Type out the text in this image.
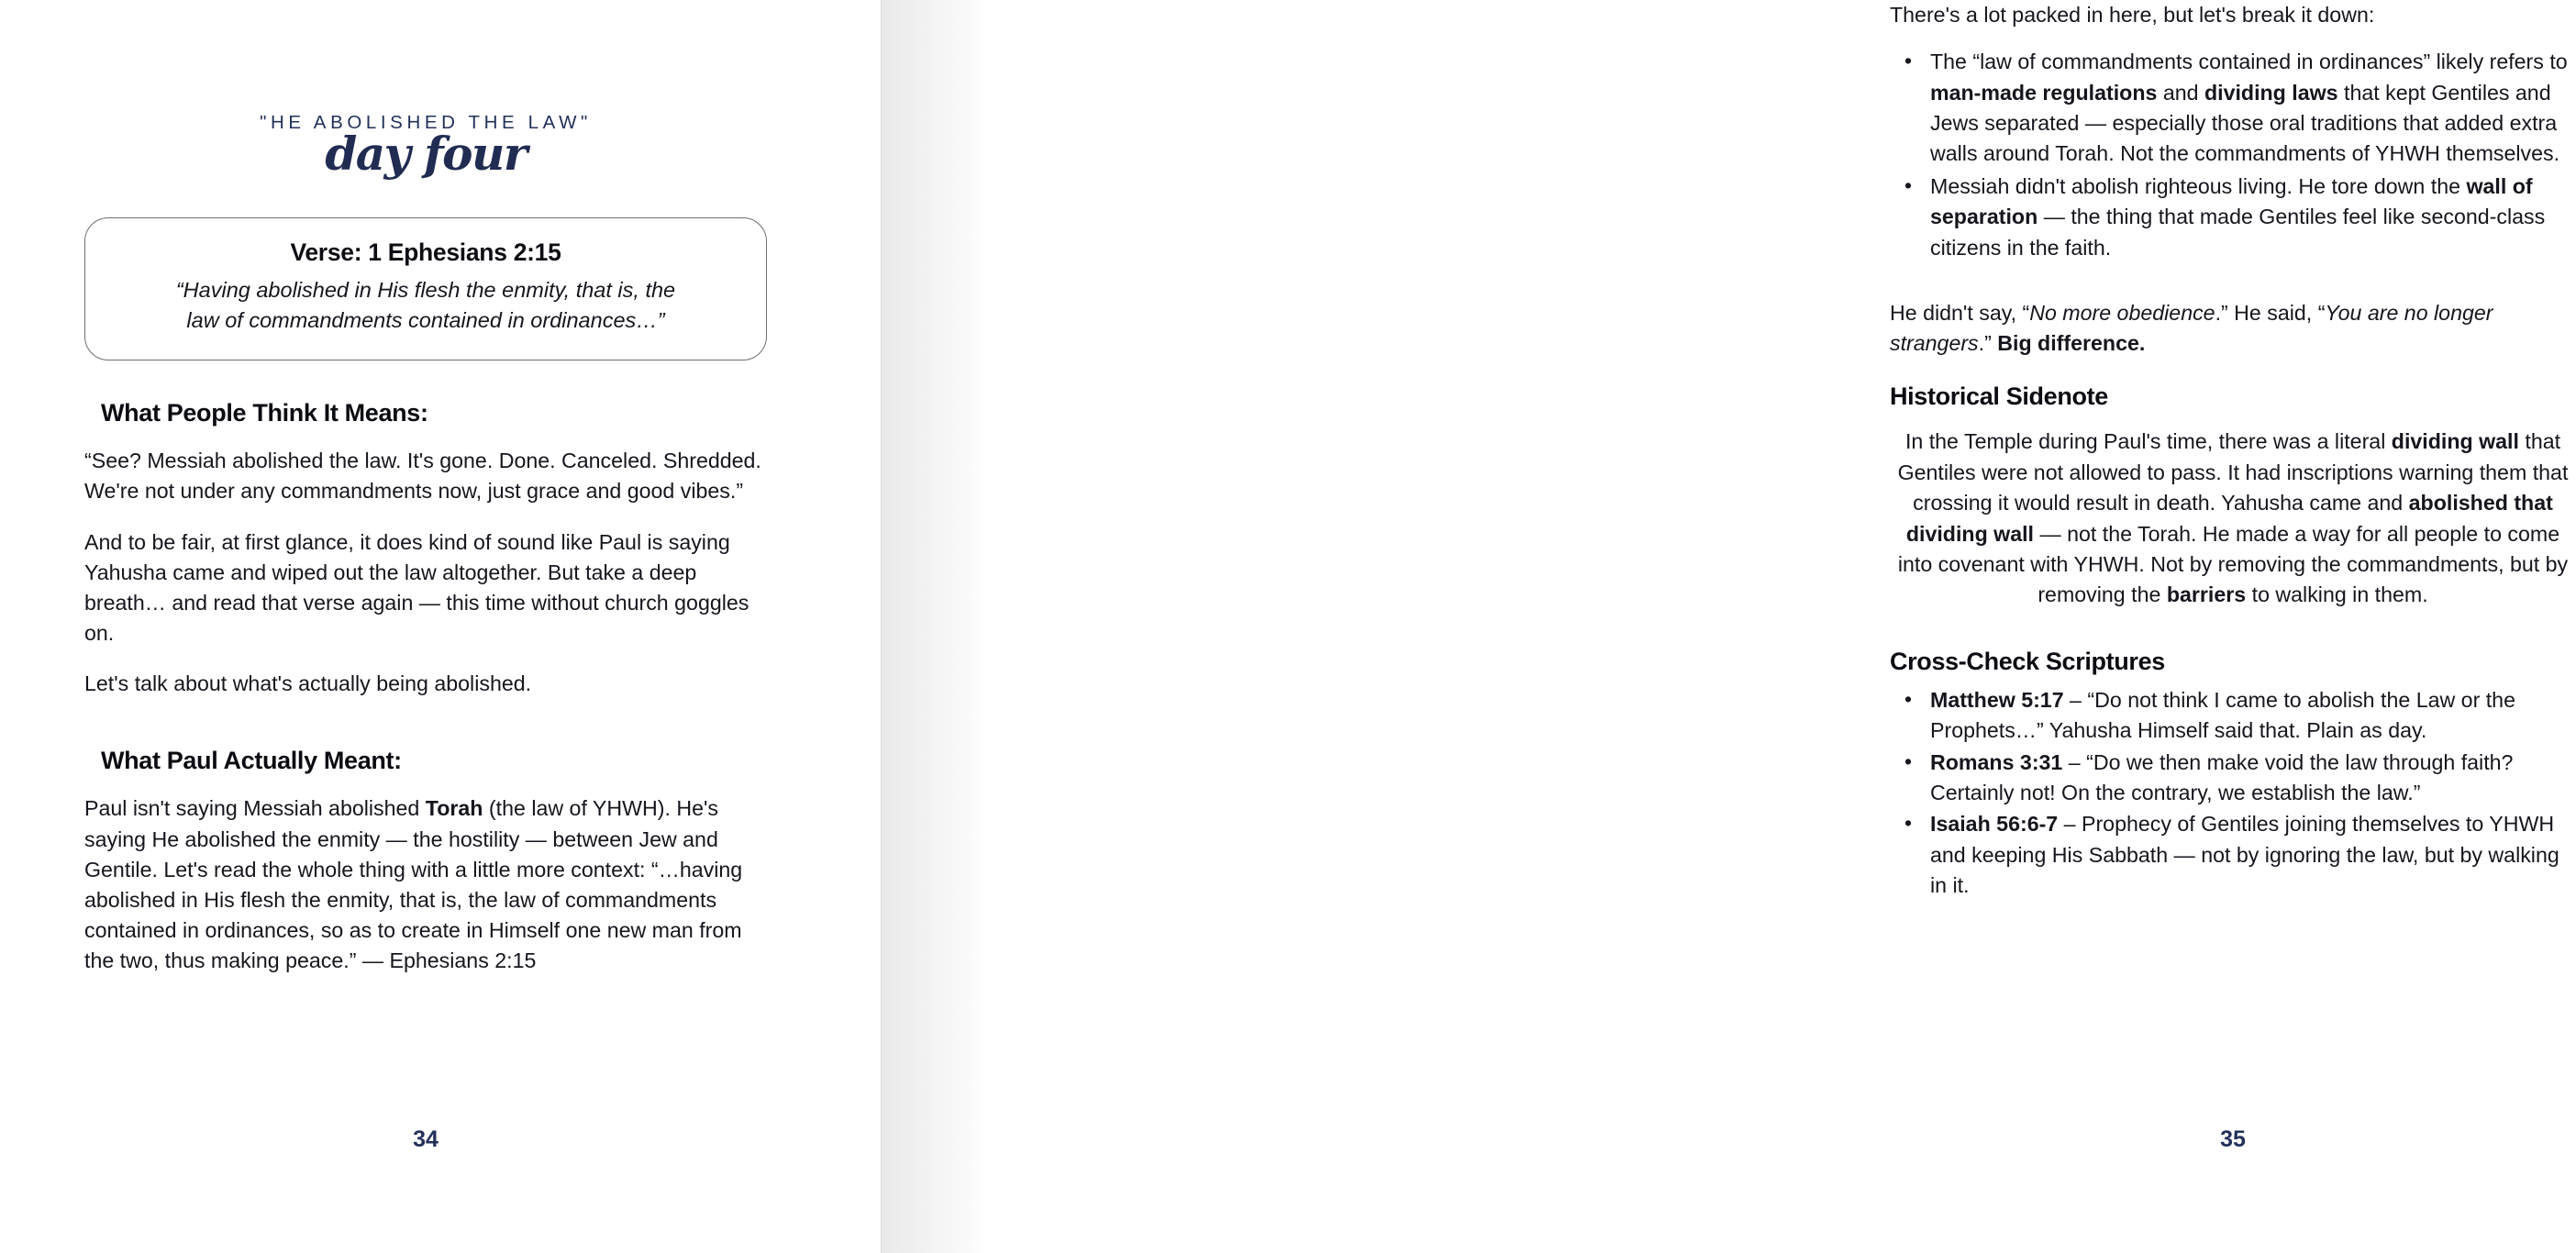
"HE ABOLISHED THE LAW"
day four
Verse: 1 Ephesians 2:15
“Having abolished in His flesh the enmity, that is, the
law of commandments contained in ordinances…”
What People Think It Means:

“See? Messiah abolished the law. It's gone. Done. Canceled. Shredded. We're not under any commandments now, just grace and good vibes.”

And to be fair, at first glance, it does kind of sound like Paul is saying Yahusha came and wiped out the law altogether. But take a deep breath… and read that verse again — this time without church goggles on.

Let's talk about what's actually being abolished.

What Paul Actually Meant:

Paul isn't saying Messiah abolished Torah (the law of YHWH). He's saying He abolished the enmity — the hostility — between Jew and Gentile. Let's read the whole thing with a little more context: “…having abolished in His flesh the enmity, that is, the law of commandments contained in ordinances, so as to create in Himself one new man from the two, thus making peace.” — Ephesians 2:15

34

There's a lot packed in here, but let's break it down:

• The “law of commandments contained in ordinances” likely refers to man-made regulations and dividing laws that kept Gentiles and Jews separated — especially those oral traditions that added extra walls around Torah. Not the commandments of YHWH themselves.
• Messiah didn't abolish righteous living. He tore down the wall of separation — the thing that made Gentiles feel like second-class citizens in the faith.

He didn't say, “No more obedience.” He said, “You are no longer strangers.” Big difference.

Historical Sidenote

In the Temple during Paul's time, there was a literal dividing wall that Gentiles were not allowed to pass. It had inscriptions warning them that crossing it would result in death. Yahusha came and abolished that dividing wall — not the Torah. He made a way for all people to come into covenant with YHWH. Not by removing the commandments, but by removing the barriers to walking in them.

Cross-Check Scriptures
• Matthew 5:17 – “Do not think I came to abolish the Law or the Prophets…” Yahusha Himself said that. Plain as day.
• Romans 3:31 – “Do we then make void the law through faith? Certainly not! On the contrary, we establish the law.”
• Isaiah 56:6-7 – Prophecy of Gentiles joining themselves to YHWH and keeping His Sabbath — not by ignoring the law, but by walking in it.
35
